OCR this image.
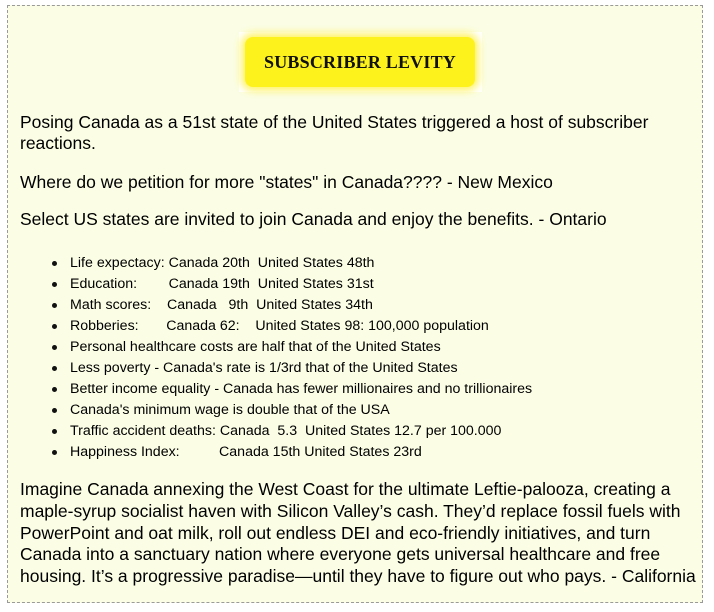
SUBSCRIBER LEVITY

Posing Canada as a 51st state of the United States triggered a host of subscriber
reactions.

Where do we petition for more "states" in Canada???? - New Mexico

Select US states are invited to join Canada and enjoy the benefits. - Ontario

Life expectacy: Canada 20th  United States 48th
Education:        Canada 19th  United States 31st
Math scores:    Canada   9th  United States 34th
Robberies:       Canada 62:    United States 98: 100,000 population
Personal healthcare costs are half that of the United States
Less poverty - Canada's rate is 1/3rd that of the United States
Better income equality - Canada has fewer millionaires and no trillionaires
Canada's minimum wage is double that of the USA
Traffic accident deaths: Canada  5.3  United States 12.7 per 100.000
Happiness Index:          Canada 15th United States 23rd

Imagine Canada annexing the West Coast for the ultimate Leftie-palooza, creating a
maple-syrup socialist haven with Silicon Valley’s cash. They’d replace fossil fuels with
PowerPoint and oat milk, roll out endless DEI and eco-friendly initiatives, and turn
Canada into a sanctuary nation where everyone gets universal healthcare and free
housing. It’s a progressive paradise—until they have to figure out who pays. - California
